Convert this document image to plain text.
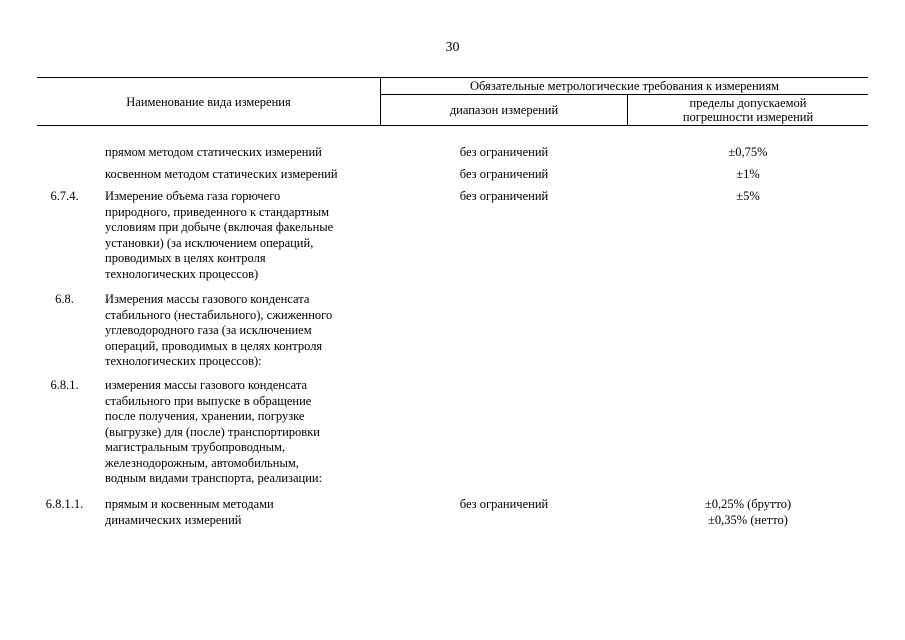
30
Наименование вида измерения
Обязательные метрологические требования к измерениям
диапазон измерений	пределы допускаемой
погрешности измерений
прямом методом статических измерений	без ограничений	±0,75%
косвенном методом статических измерений	без ограничений	±1%
6.7.4.	Измерение объема газа горючего
природного, приведенного к стандартным
условиям при добыче (включая факельные
установки) (за исключением операций,
проводимых в целях контроля
технологических процессов)
без ограничений	±5%
6.8.	Измерения массы газового конденсата
стабильного (нестабильного), сжиженного
углеводородного газа (за исключением
операций, проводимых в целях контроля
технологических процессов):
6.8.1.	измерения массы газового конденсата
стабильного при выпуске в обращение
после получения, хранении, погрузке
(выгрузке) для (после) транспортировки
магистральным трубопроводным,
железнодорожным, автомобильным,
водным видами транспорта, реализации:
6.8.1.1.	прямым и косвенным методами
динамических измерений
без ограничений	±0,25% (брутто)
±0,35% (нетто)
